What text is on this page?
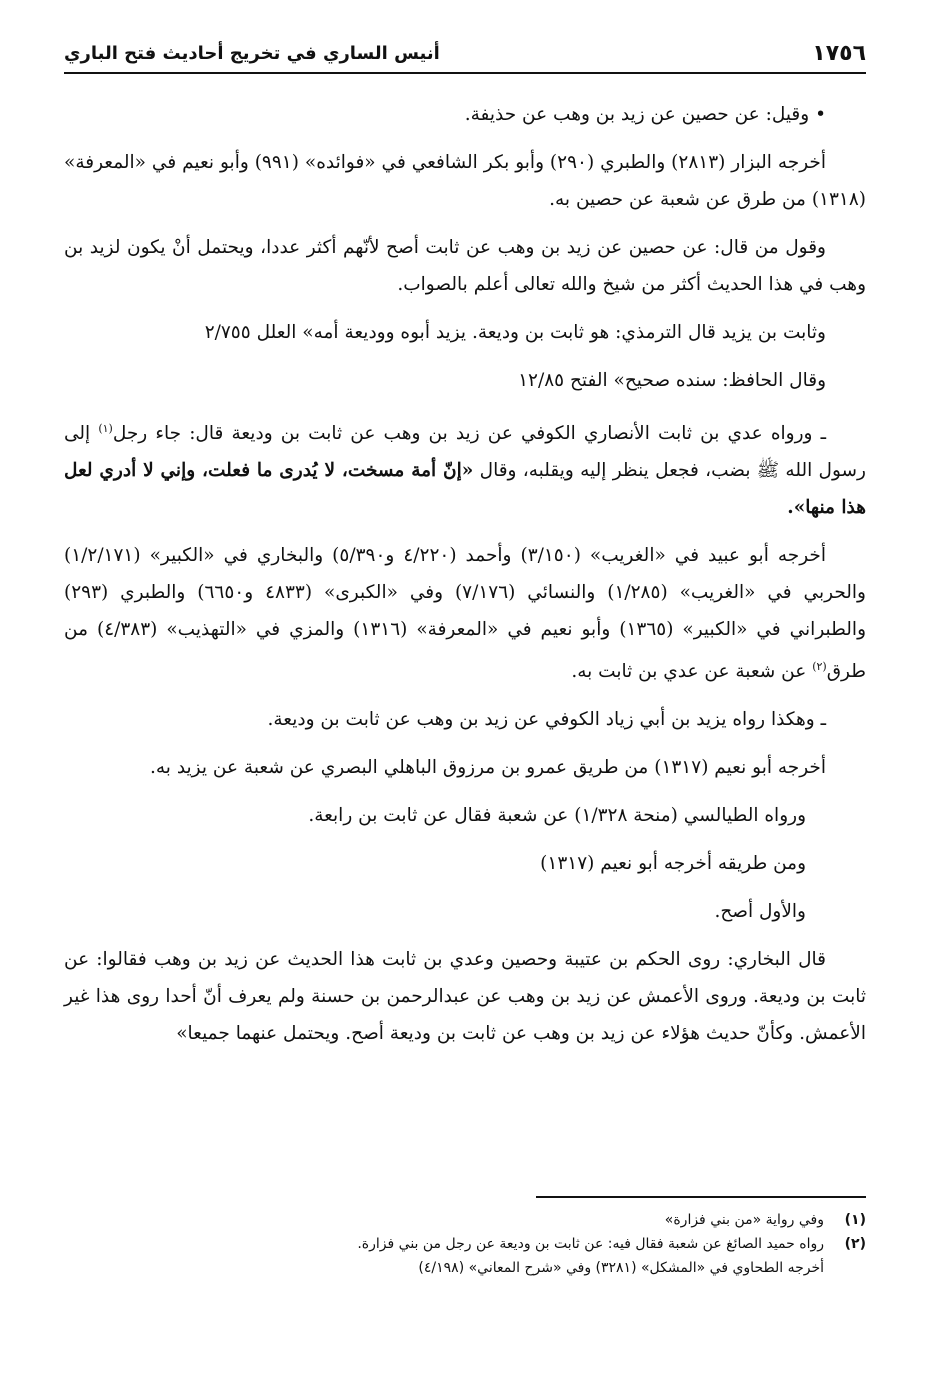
١٧٥٦
أنيس الساري في تخريج أحاديث فتح الباري

• وقيل: عن حصين عن زيد بن وهب عن حذيفة.

أخرجه البزار (٢٨١٣) والطبري (٢٩٠) وأبو بكر الشافعي في «فوائده» (٩٩١) وأبو نعيم في «المعرفة» (١٣١٨) من طرق عن شعبة عن حصين به.

وقول من قال: عن حصين عن زيد بن وهب عن ثابت أصح لأنّهم أكثر عددا، ويحتمل أنْ يكون لزيد بن وهب في هذا الحديث أكثر من شيخ والله تعالى أعلم بالصواب.

وثابت بن يزيد قال الترمذي: هو ثابت بن وديعة. يزيد أبوه ووديعة أمه» العلل ٢/٧٥٥

وقال الحافظ: سنده صحيح» الفتح ١٢/٨٥

ـ ورواه عدي بن ثابت الأنصاري الكوفي عن زيد بن وهب عن ثابت بن وديعة قال: جاء رجل$^{(١)}$ إلى رسول الله ﷺ بضب، فجعل ينظر إليه ويقلبه، وقال «إنّ أمة مسخت، لا يُدرى ما فعلت، وإني لا أدري لعل هذا منها».

أخرجه أبو عبيد في «الغريب» (٣/١٥٠) وأحمد (٤/٢٢٠ و٥/٣٩٠) والبخاري في «الكبير» (١/٢/١٧١) والحربي في «الغريب» (١/٢٨٥) والنسائي (٧/١٧٦) وفي «الكبرى» (٤٨٣٣ و٦٦٥٠) والطبري (٢٩٣) والطبراني في «الكبير» (١٣٦٥) وأبو نعيم في «المعرفة» (١٣١٦) والمزي في «التهذيب» (٤/٣٨٣) من طرق$^{(٢)}$ عن شعبة عن عدي بن ثابت به.

ـ وهكذا رواه يزيد بن أبي زياد الكوفي عن زيد بن وهب عن ثابت بن وديعة.

أخرجه أبو نعيم (١٣١٧) من طريق عمرو بن مرزوق الباهلي البصري عن شعبة عن يزيد به.

ورواه الطيالسي (منحة ١/٣٢٨) عن شعبة فقال عن ثابت بن رابعة.

ومن طريقه أخرجه أبو نعيم (١٣١٧)

والأول أصح.

قال البخاري: روى الحكم بن عتيبة وحصين وعدي بن ثابت هذا الحديث عن زيد بن وهب فقالوا: عن ثابت بن وديعة. وروى الأعمش عن زيد بن وهب عن عبدالرحمن بن حسنة ولم يعرف أنّ أحدا روى هذا غير الأعمش. وكأنّ حديث هؤلاء عن زيد بن وهب عن ثابت بن وديعة أصح. ويحتمل عنهما جميعا»

(١)
وفي رواية «من بني فزارة»
(٢)
رواه حميد الصائغ عن شعبة فقال فيه: عن ثابت بن وديعة عن رجل من بني فزارة.
أخرجه الطحاوي في «المشكل» (٣٢٨١) وفي «شرح المعاني» (٤/١٩٨)
